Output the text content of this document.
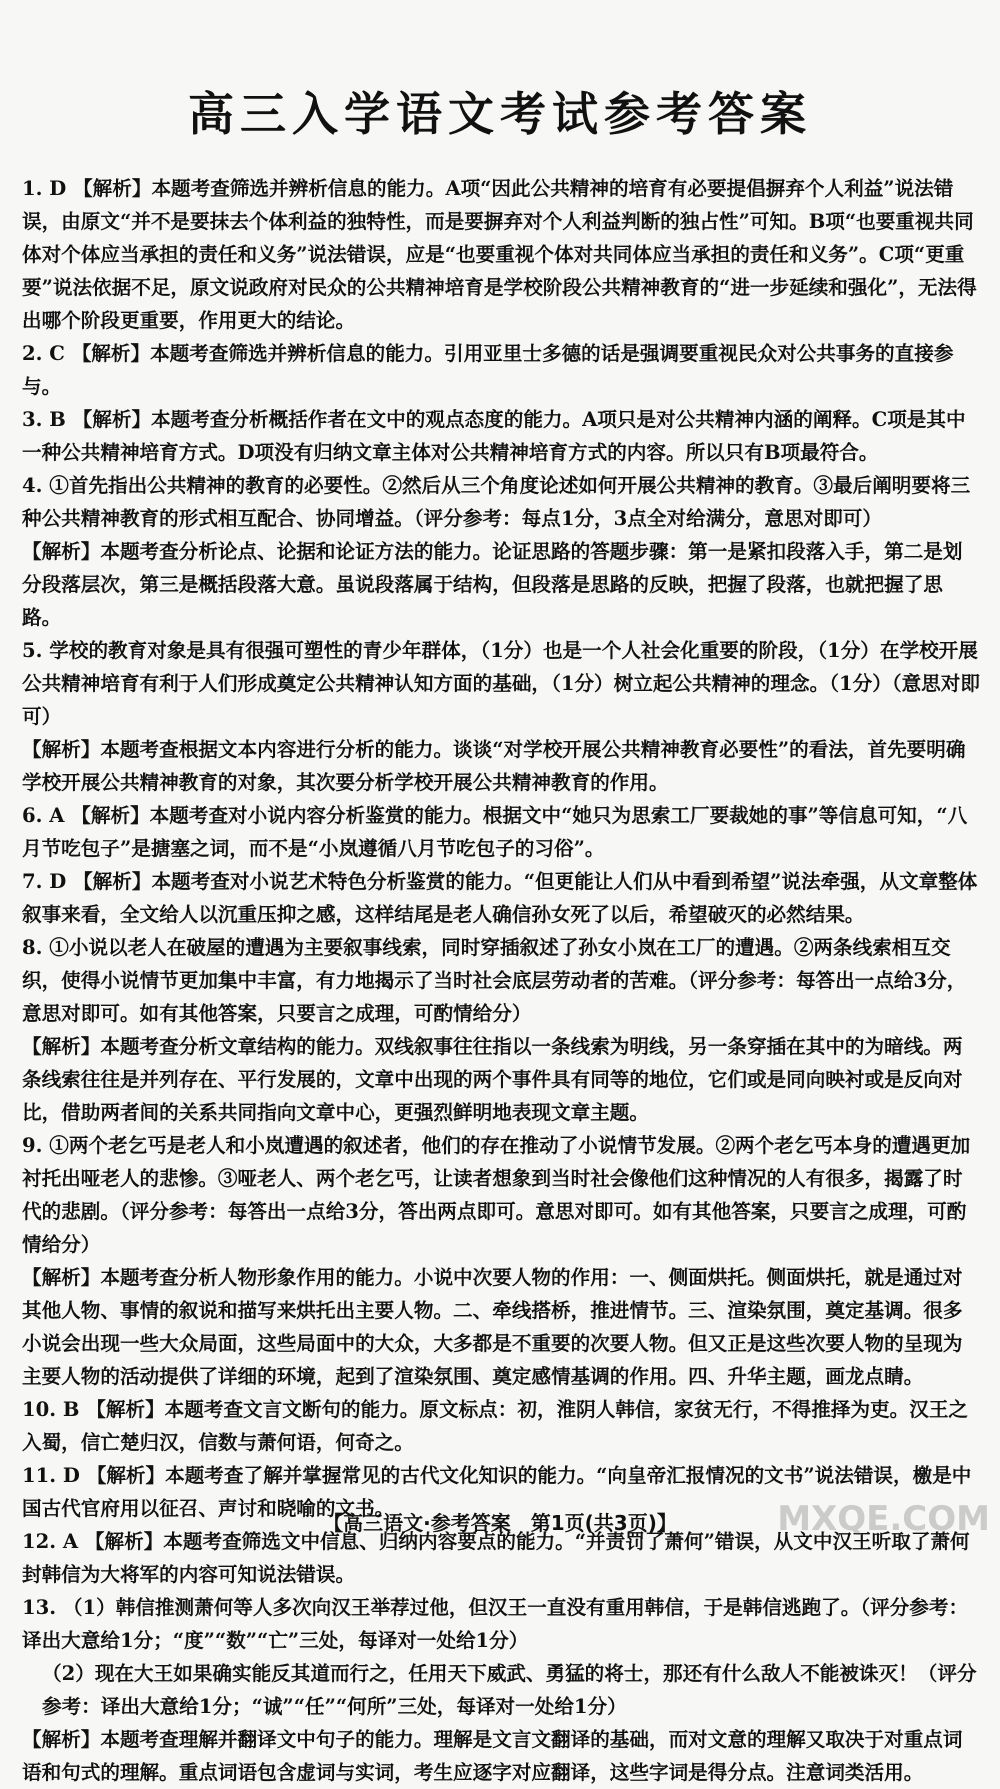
高三入学语文考试参考答案
1. D 【解析】本题考查筛选并辨析信息的能力。A项“因此公共精神的培育有必要提倡摒弃个人利益”说法错误，由原文“并不是要抹去个体利益的独特性，而是要摒弃对个人利益判断的独占性”可知。B项“也要重视共同体对个体应当承担的责任和义务”说法错误，应是“也要重视个体对共同体应当承担的责任和义务”。C项“更重要”说法依据不足，原文说政府对民众的公共精神培育是学校阶段公共精神教育的“进一步延续和强化”，无法得出哪个阶段更重要，作用更大的结论。
2. C 【解析】本题考查筛选并辨析信息的能力。引用亚里士多德的话是强调要重视民众对公共事务的直接参与。
3. B 【解析】本题考查分析概括作者在文中的观点态度的能力。A项只是对公共精神内涵的阐释。C项是其中一种公共精神培育方式。D项没有归纳文章主体对公共精神培育方式的内容。所以只有B项最符合。
4. ①首先指出公共精神的教育的必要性。②然后从三个角度论述如何开展公共精神的教育。③最后阐明要将三种公共精神教育的形式相互配合、协同增益。（评分参考：每点1分，3点全对给满分，意思对即可）
【解析】本题考查分析论点、论据和论证方法的能力。论证思路的答题步骤：第一是紧扣段落入手，第二是划分段落层次，第三是概括段落大意。虽说段落属于结构，但段落是思路的反映，把握了段落，也就把握了思路。
5. 学校的教育对象是具有很强可塑性的青少年群体，（1分）也是一个人社会化重要的阶段，（1分）在学校开展公共精神培育有利于人们形成奠定公共精神认知方面的基础，（1分）树立起公共精神的理念。（1分）（意思对即可）
【解析】本题考查根据文本内容进行分析的能力。谈谈“对学校开展公共精神教育必要性”的看法，首先要明确学校开展公共精神教育的对象，其次要分析学校开展公共精神教育的作用。
6. A 【解析】本题考查对小说内容分析鉴赏的能力。根据文中“她只为思索工厂要裁她的事”等信息可知，“八月节吃包子”是搪塞之词，而不是“小岚遵循八月节吃包子的习俗”。
7. D 【解析】本题考查对小说艺术特色分析鉴赏的能力。“但更能让人们从中看到希望”说法牵强，从文章整体叙事来看，全文给人以沉重压抑之感，这样结尾是老人确信孙女死了以后，希望破灭的必然结果。
8. ①小说以老人在破屋的遭遇为主要叙事线索，同时穿插叙述了孙女小岚在工厂的遭遇。②两条线索相互交织，使得小说情节更加集中丰富，有力地揭示了当时社会底层劳动者的苦难。（评分参考：每答出一点给3分，意思对即可。如有其他答案，只要言之成理，可酌情给分）
【解析】本题考查分析文章结构的能力。双线叙事往往指以一条线索为明线，另一条穿插在其中的为暗线。两条线索往往是并列存在、平行发展的，文章中出现的两个事件具有同等的地位，它们或是同向映衬或是反向对比，借助两者间的关系共同指向文章中心，更强烈鲜明地表现文章主题。
9. ①两个老乞丐是老人和小岚遭遇的叙述者，他们的存在推动了小说情节发展。②两个老乞丐本身的遭遇更加衬托出哑老人的悲惨。③哑老人、两个老乞丐，让读者想象到当时社会像他们这种情况的人有很多，揭露了时代的悲剧。（评分参考：每答出一点给3分，答出两点即可。意思对即可。如有其他答案，只要言之成理，可酌情给分）
【解析】本题考查分析人物形象作用的能力。小说中次要人物的作用：一、侧面烘托。侧面烘托，就是通过对其他人物、事情的叙说和描写来烘托出主要人物。二、牵线搭桥，推进情节。三、渲染氛围，奠定基调。很多小说会出现一些大众局面，这些局面中的大众，大多都是不重要的次要人物。但又正是这些次要人物的呈现为主要人物的活动提供了详细的环境，起到了渲染氛围、奠定感情基调的作用。四、升华主题，画龙点睛。
10. B 【解析】本题考查文言文断句的能力。原文标点：初，淮阴人韩信，家贫无行，不得推择为吏。汉王之入蜀，信亡楚归汉，信数与萧何语，何奇之。
11. D 【解析】本题考查了解并掌握常见的古代文化知识的能力。“向皇帝汇报情况的文书”说法错误，檄是中国古代官府用以征召、声讨和晓喻的文书。
12. A 【解析】本题考查筛选文中信息、归纳内容要点的能力。“并责罚了萧何”错误，从文中汉王听取了萧何封韩信为大将军的内容可知说法错误。
13. （1）韩信推测萧何等人多次向汉王举荐过他，但汉王一直没有重用韩信，于是韩信逃跑了。（评分参考：译出大意给1分；“度”“数”“亡”三处，每译对一处给1分）
（2）现在大王如果确实能反其道而行之，任用天下威武、勇猛的将士，那还有什么敌人不能被诛灭！（评分参考：译出大意给1分；“诚”“任”“何所”三处，每译对一处给1分）
【解析】本题考查理解并翻译文中句子的能力。理解是文言文翻译的基础，而对文意的理解又取决于对重点词语和句式的理解。重点词语包含虚词与实词，考生应逐字对应翻译，这些字词是得分点。注意词类活用。
【高三语文·参考答案　第1页(共3页)】	MXQE.COM
